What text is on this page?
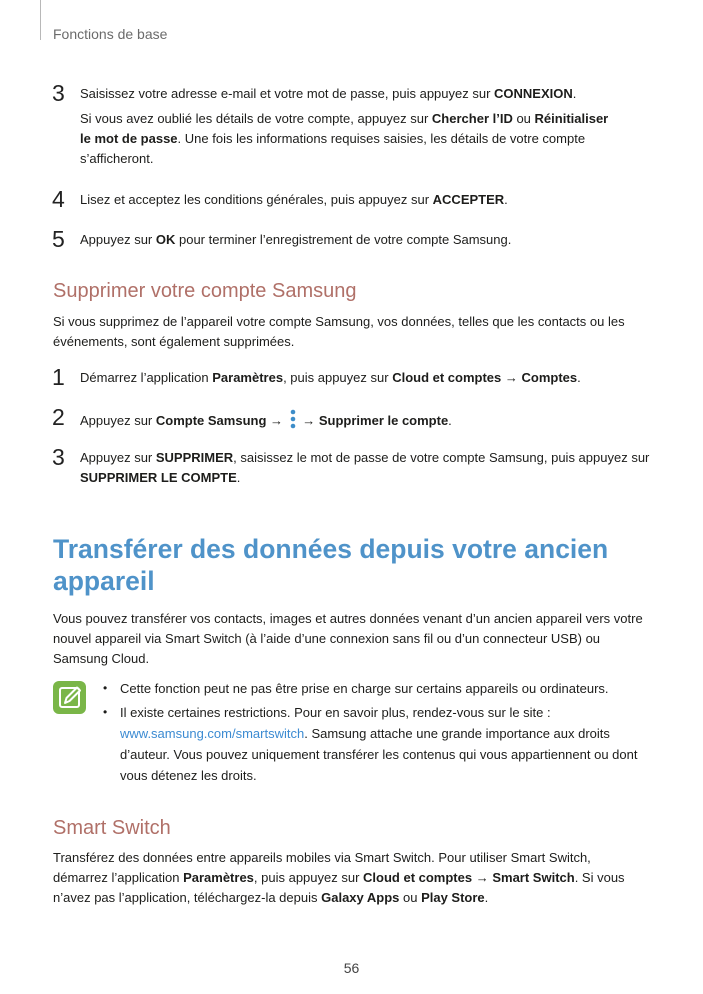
Fonctions de base
3 Saisissez votre adresse e-mail et votre mot de passe, puis appuyez sur CONNEXION.
Si vous avez oublié les détails de votre compte, appuyez sur Chercher l’ID ou Réinitialiser le mot de passe. Une fois les informations requises saisies, les détails de votre compte s’afficheront.
4 Lisez et acceptez les conditions générales, puis appuyez sur ACCEPTER.
5 Appuyez sur OK pour terminer l’enregistrement de votre compte Samsung.
Supprimer votre compte Samsung
Si vous supprimez de l’appareil votre compte Samsung, vos données, telles que les contacts ou les événements, sont également supprimées.
1 Démarrez l’application Paramètres, puis appuyez sur Cloud et comptes → Comptes.
2 Appuyez sur Compte Samsung →  → Supprimer le compte.
3 Appuyez sur SUPPRIMER, saisissez le mot de passe de votre compte Samsung, puis appuyez sur SUPPRIMER LE COMPTE.
Transférer des données depuis votre ancien appareil
Vous pouvez transférer vos contacts, images et autres données venant d’un ancien appareil vers votre nouvel appareil via Smart Switch (à l’aide d’une connexion sans fil ou d’un connecteur USB) ou Samsung Cloud.
• Cette fonction peut ne pas être prise en charge sur certains appareils ou ordinateurs.
• Il existe certaines restrictions. Pour en savoir plus, rendez-vous sur le site :
www.samsung.com/smartswitch. Samsung attache une grande importance aux droits d’auteur. Vous pouvez uniquement transférer les contenus qui vous appartiennent ou dont vous détenez les droits.
Smart Switch
Transférez des données entre appareils mobiles via Smart Switch. Pour utiliser Smart Switch, démarrez l’application Paramètres, puis appuyez sur Cloud et comptes → Smart Switch. Si vous n’avez pas l’application, téléchargez-la depuis Galaxy Apps ou Play Store.
56
